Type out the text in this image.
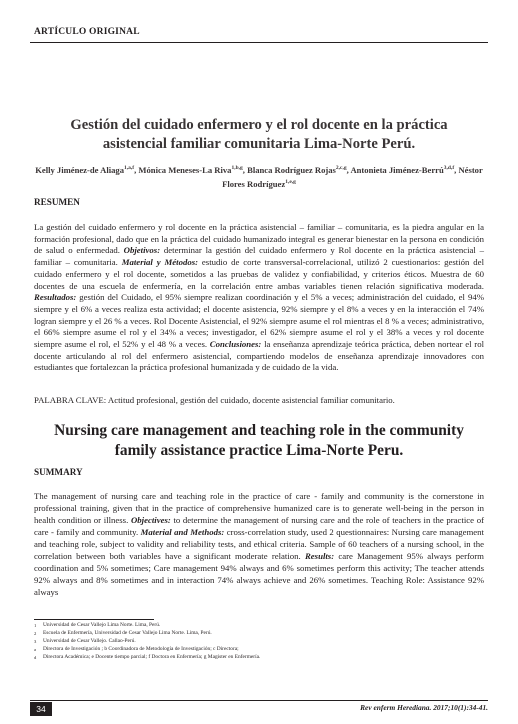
ARTÍCULO ORIGINAL
Gestión del cuidado enfermero y el rol docente en la práctica
asistencial familiar comunitaria Lima-Norte Perú.
Kelly Jiménez-de Aliaga$^{1,a,f}$, Mónica Meneses-La Riva$^{1,b,g}$, Blanca Rodríguez Rojas$^{2,c,g}$, Antonieta Jiménez-Berrú$^{3,d,f}$, Néstor Flores Rodríguez$^{1,e,g}$
RESUMEN
La gestión del cuidado enfermero y rol docente en la práctica asistencial – familiar – comunitaria, es la piedra angular en la formación profesional, dado que en la práctica del cuidado humanizado integral es generar bienestar en la persona en condición de salud o enfermedad. Objetivos: determinar la gestión del cuidado enfermero y Rol docente en la práctica asistencial – familiar – comunitaria. Material y Métodos: estudio de corte transversal-correlacional, utilizó 2 cuestionarios: gestión del cuidado enfermero y el rol docente, sometidos a las pruebas de validez y confiabilidad, y criterios éticos. Muestra de 60 docentes de una escuela de enfermería, en la correlación entre ambas variables tienen relación significativa moderada. Resultados: gestión del Cuidado, el 95% siempre realizan coordinación y el 5% a veces; administración del cuidado, el 94% siempre y el 6% a veces realiza esta actividad; el docente asistencia, 92% siempre y el 8% a veces y en la interacción el 74% logran siempre y el 26 % a veces. Rol Docente Asistencial, el 92% siempre asume el rol mientras el 8 % a veces; administrativo, el 66% siempre asume el rol y el 34% a veces; investigador, el 62% siempre asume el rol y el 38% a veces y rol docente siempre asume el rol, el 52% y el 48 % a veces. Conclusiones: la enseñanza aprendizaje teórica práctica, deben nortear el rol docente articulando al rol del enfermero asistencial, compartiendo modelos de enseñanza aprendizaje innovadores con estudiantes que fortalezcan la práctica profesional humanizada y de cuidado de la vida.
PALABRA CLAVE: Actitud profesional, gestión del cuidado, docente asistencial familiar comunitario.
Nursing care management and teaching role in the community
family assistance practice Lima-Norte Peru.
SUMMARY
The management of nursing care and teaching role in the practice of care - family and community is the cornerstone in professional training, given that in the practice of comprehensive humanized care is to generate well-being in the person in health condition or illness. Objectives: to determine the management of nursing care and the role of teachers in the practice of care - family and community. Material and Methods: cross-correlation study, used 2 questionnaires: Nursing care management and teaching role, subject to validity and reliability tests, and ethical criteria. Sample of 60 teachers of a nursing school, in the correlation between both variables have a significant moderate relation. Results: care Management 95% always perform coordination and 5% sometimes; Care management 94% always and 6% sometimes perform this activity; The teacher attends 92% always and 8% sometimes and in interaction 74% always achieve and 26% sometimes. Teaching Role: Assistance 92% always
1	Universidad de Cesar Vallejo Lima Norte. Lima, Perú.
2	Escuela de Enfermería, Universidad de Cesar Vallejo Lima Norte. Lima, Perú.
3	Universidad de Cesar Vallejo. Callao-Perú.
a	Directora de Investigación ; b Coordinadora de Metodología de Investigación; c Directora;
d	Directora Académica; e Docente tiempo parcial; f Doctora en Enfermería; g Magister en Enfermería.
34	Rev enferm Herediana. 2017;10(1):34-41.
